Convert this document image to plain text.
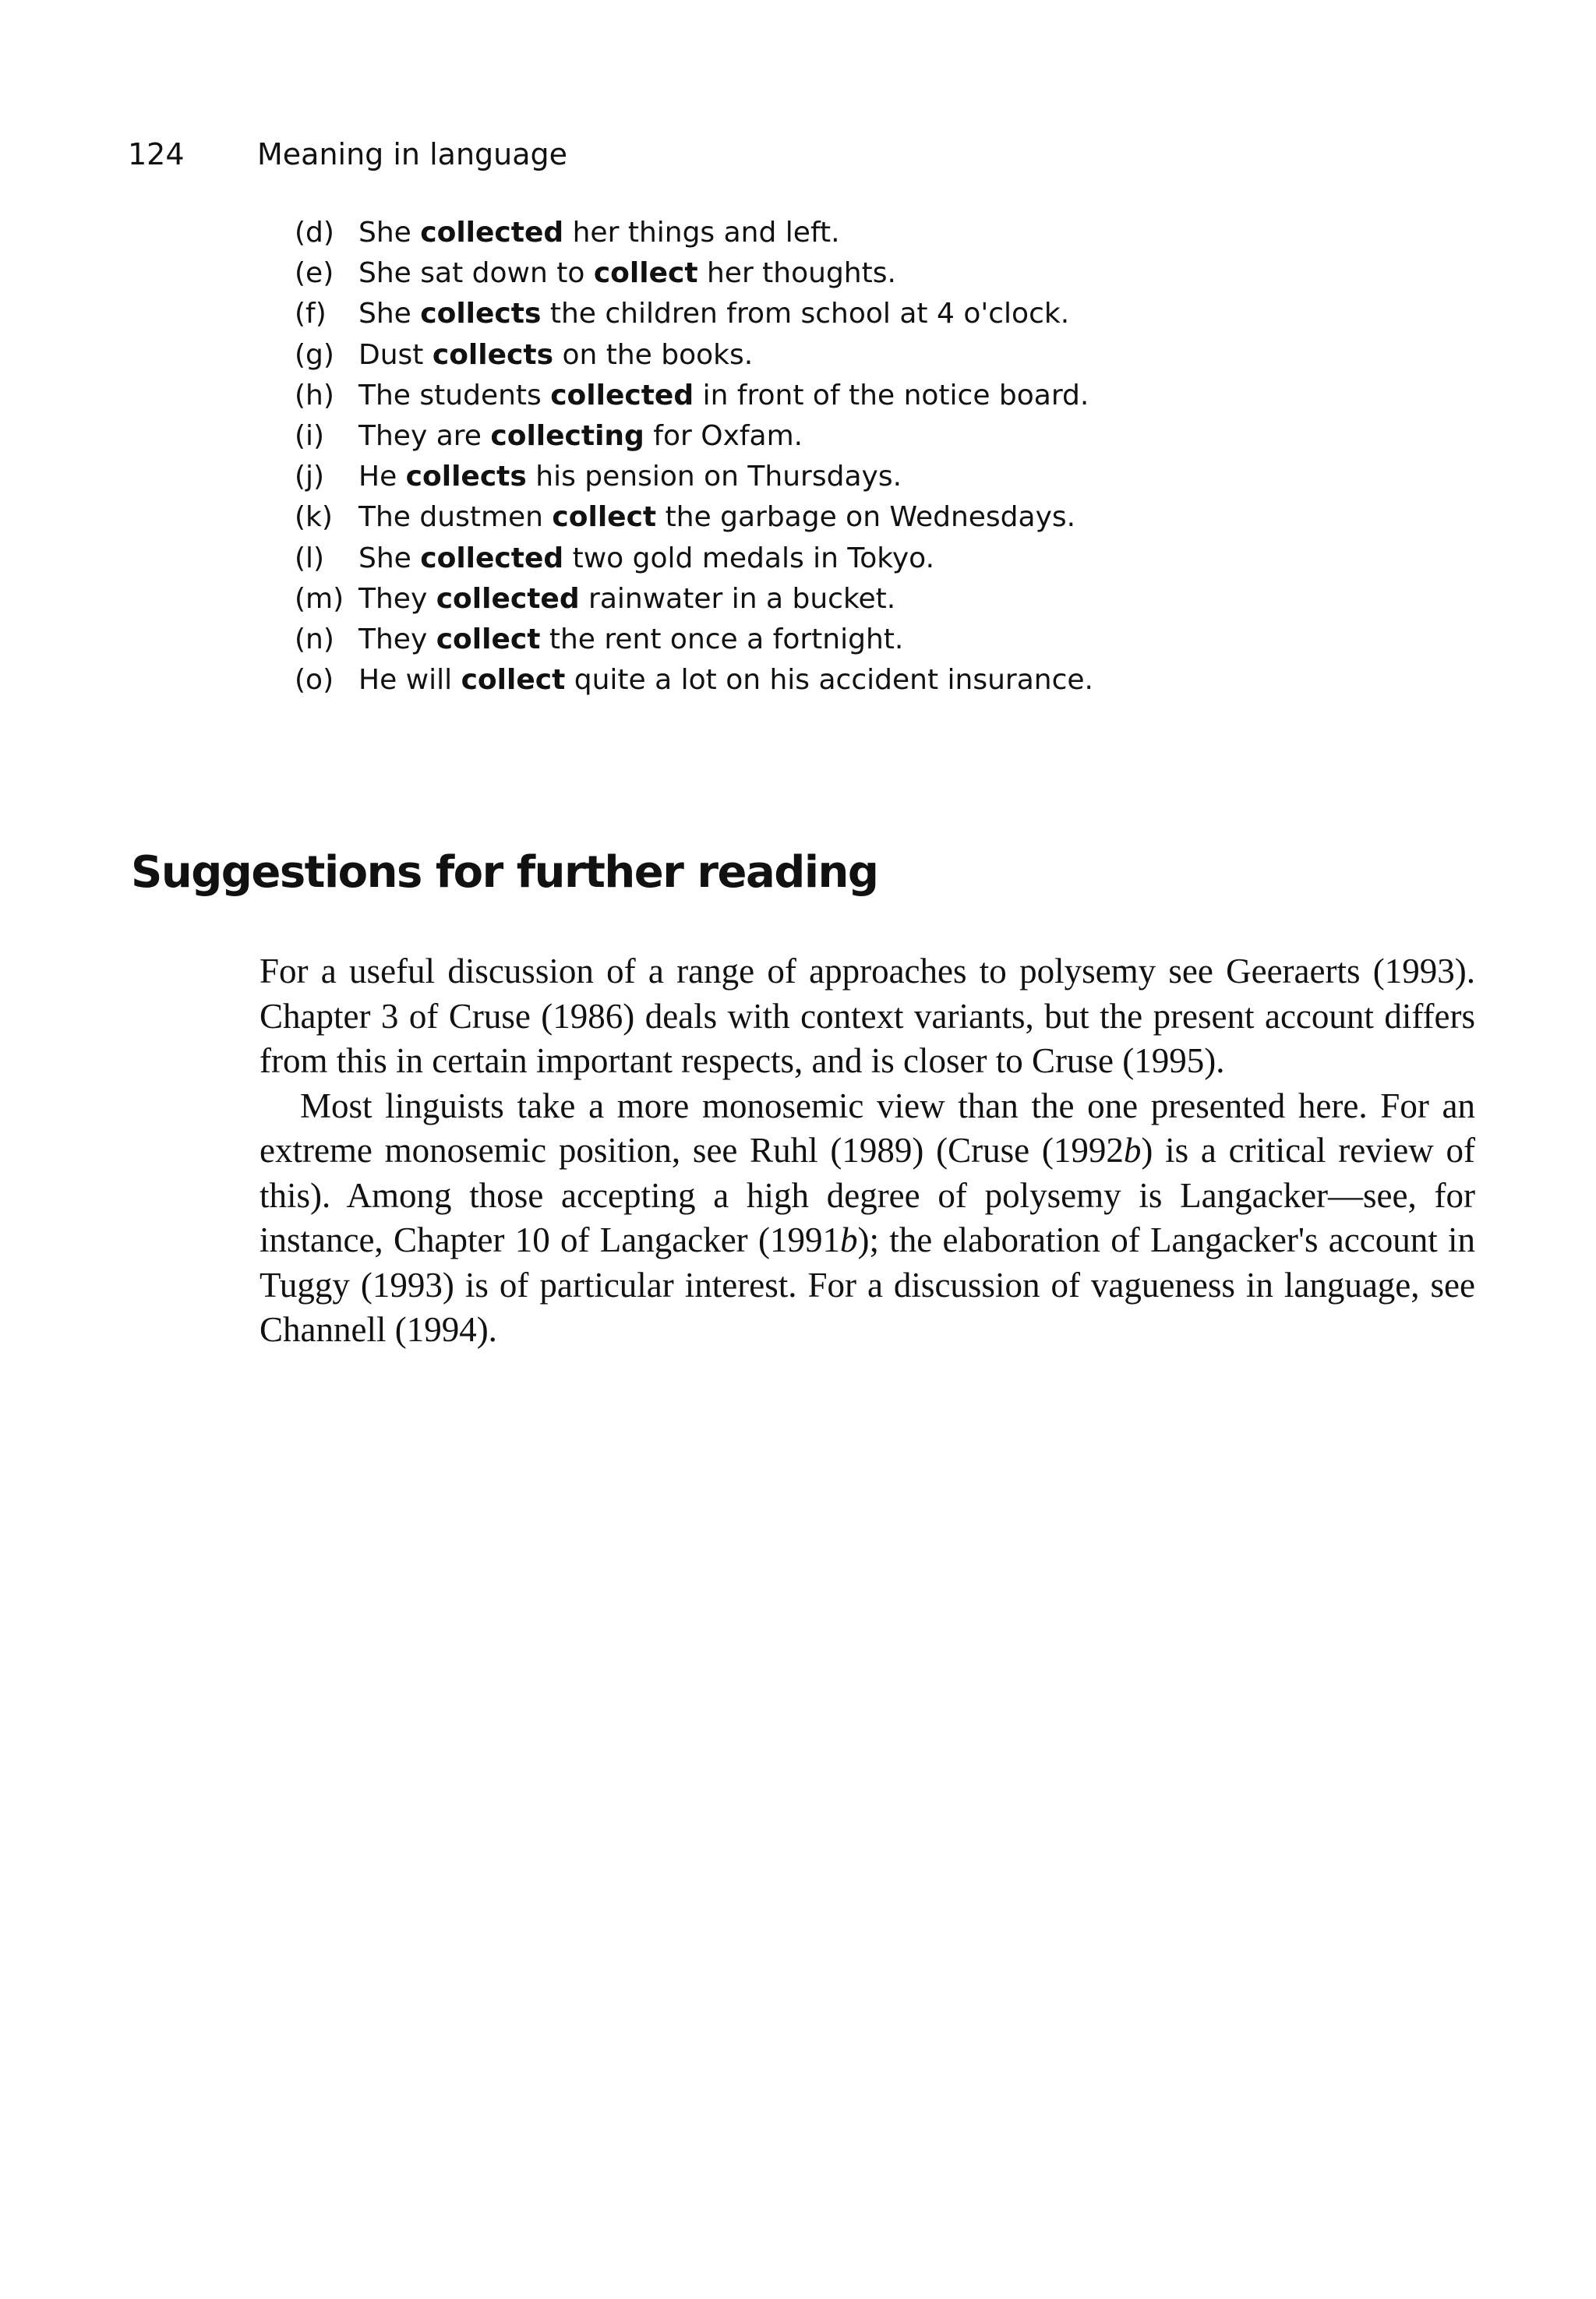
124 Meaning in language
(d) She collected her things and left.
(e) She sat down to collect her thoughts.
(f)	She collects the children from school at 4 o'clock.
(g) Dust collects on the books.
(h) The students collected in front of the notice board.
(i)	They are collecting for Oxfam.
(j)	He collects his pension on Thursdays.
(k) The dustmen collect the garbage on Wednesdays.
(l)	She collected two gold medals in Tokyo.
(m) They collected rainwater in a bucket.
(n) They collect the rent once a fortnight.
(o) He will collect quite a lot on his accident insurance.
Suggestions for further reading

For a useful discussion of a range of approaches to polysemy see Geeraerts (1993). Chapter 3 of Cruse (1986) deals with context variants, but the present account differs from this in certain important respects, and is closer to Cruse (1995).

Most linguists take a more monosemic view than the one presented here. For an extreme monosemic position, see Ruhl (1989) (Cruse (1992b) is a critical review of this). Among those accepting a high degree of polysemy is Langacker—see, for instance, Chapter 10 of Langacker (1991b); the elaboration of Langacker's account in Tuggy (1993) is of particular interest. For a discussion of vagueness in language, see Channell (1994).
